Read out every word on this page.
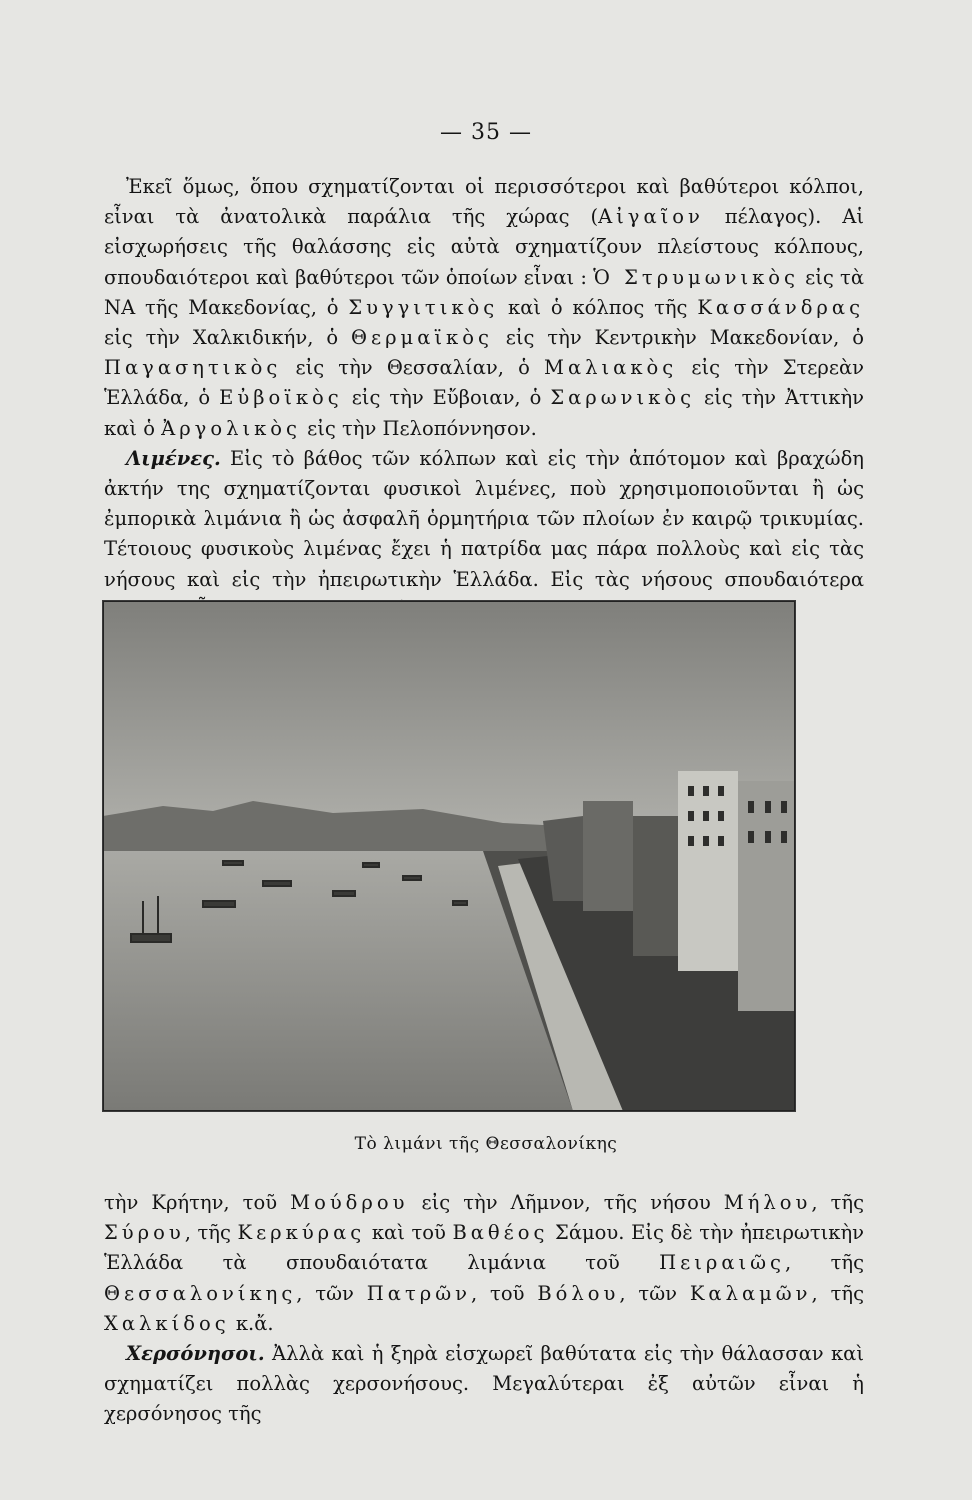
— 35 —

Ἐκεῖ ὅμως, ὅπου σχηματίζονται οἱ περισσότεροι καὶ βαθύτεροι κόλποι, εἶναι τὰ ἀνατολικὰ παράλια τῆς χώρας (Αἰγαῖον πέλαγος). Αἱ εἰσχωρήσεις τῆς θαλάσσης εἰς αὐτὰ σχηματίζουν πλείστους κόλπους, σπουδαιότεροι καὶ βαθύτεροι τῶν ὁποίων εἶναι : Ὁ Στρυμωνικὸς εἰς τὰ ΝΑ τῆς Μακεδονίας, ὁ Συγγιτικὸς καὶ ὁ κόλπος τῆς Κασσάνδρας εἰς τὴν Χαλκιδικήν, ὁ Θερμαϊκὸς εἰς τὴν Κεντρικὴν Μακεδονίαν, ὁ Παγασητικὸς εἰς τὴν Θεσσαλίαν, ὁ Μαλιακὸς εἰς τὴν Στερεὰν Ἑλλάδα, ὁ Εὐβοϊκὸς εἰς τὴν Εὔβοιαν, ὁ Σαρωνικὸς εἰς τὴν Ἀττικὴν καὶ ὁ Ἀργολικὸς εἰς τὴν Πελοπόννησον.

Λιμένες. Εἰς τὸ βάθος τῶν κόλπων καὶ εἰς τὴν ἀπότομον καὶ βραχώδη ἀκτήν της σχηματίζονται φυσικοὶ λιμένες, ποὺ χρησιμοποιοῦνται ἢ ὡς ἐμπορικὰ λιμάνια ἢ ὡς ἀσφαλῆ ὁρμητήρια τῶν πλοίων ἐν καιρῷ τρικυμίας. Τέτοιους φυσικοὺς λιμένας ἔχει ἡ πατρίδα μας πάρα πολλοὺς καὶ εἰς τὰς νήσους καὶ εἰς τὴν ἠπειρωτικὴν Ἑλλάδα. Εἰς τὰς νήσους σπουδαιότερα

Τὸ λιμάνι τῆς Θεσσαλονίκης

τὴν Κρήτην, τοῦ Μούδρου εἰς τὴν Λῆμνον, τῆς νήσου Μήλου, τῆς Σύρου, τῆς Κερκύρας καὶ τοῦ Βαθέος Σάμου. Εἰς δὲ τὴν ἠπειρωτικὴν Ἑλλάδα τὰ σπουδαιότατα λιμάνια τοῦ Πειραιῶς, τῆς Θεσσαλονίκης, τῶν Πατρῶν, τοῦ Βόλου, τῶν Καλαμῶν, τῆς Χαλκίδος κ.ἄ.

Χερσόνησοι. Ἀλλὰ καὶ ἡ ξηρὰ εἰσχωρεῖ βαθύτατα εἰς τὴν θάλασσαν καὶ σχηματίζει πολλὰς χερσονήσους. Μεγαλύτεραι ἐξ αὐτῶν εἶναι ἡ χερσόνησος τῆς
